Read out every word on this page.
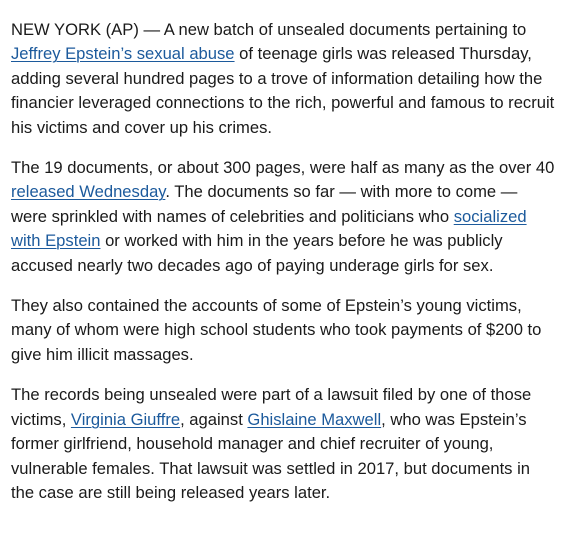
NEW YORK (AP) — A new batch of unsealed documents pertaining to Jeffrey Epstein’s sexual abuse of teenage girls was released Thursday, adding several hundred pages to a trove of information detailing how the financier leveraged connections to the rich, powerful and famous to recruit his victims and cover up his crimes.

The 19 documents, or about 300 pages, were half as many as the over 40 released Wednesday. The documents so far — with more to come — were sprinkled with names of celebrities and politicians who socialized with Epstein or worked with him in the years before he was publicly accused nearly two decades ago of paying underage girls for sex.

They also contained the accounts of some of Epstein’s young victims, many of whom were high school students who took payments of $200 to give him illicit massages.

The records being unsealed were part of a lawsuit filed by one of those victims, Virginia Giuffre, against Ghislaine Maxwell, who was Epstein’s former girlfriend, household manager and chief recruiter of young, vulnerable females. That lawsuit was settled in 2017, but documents in the case are still being released years later.
